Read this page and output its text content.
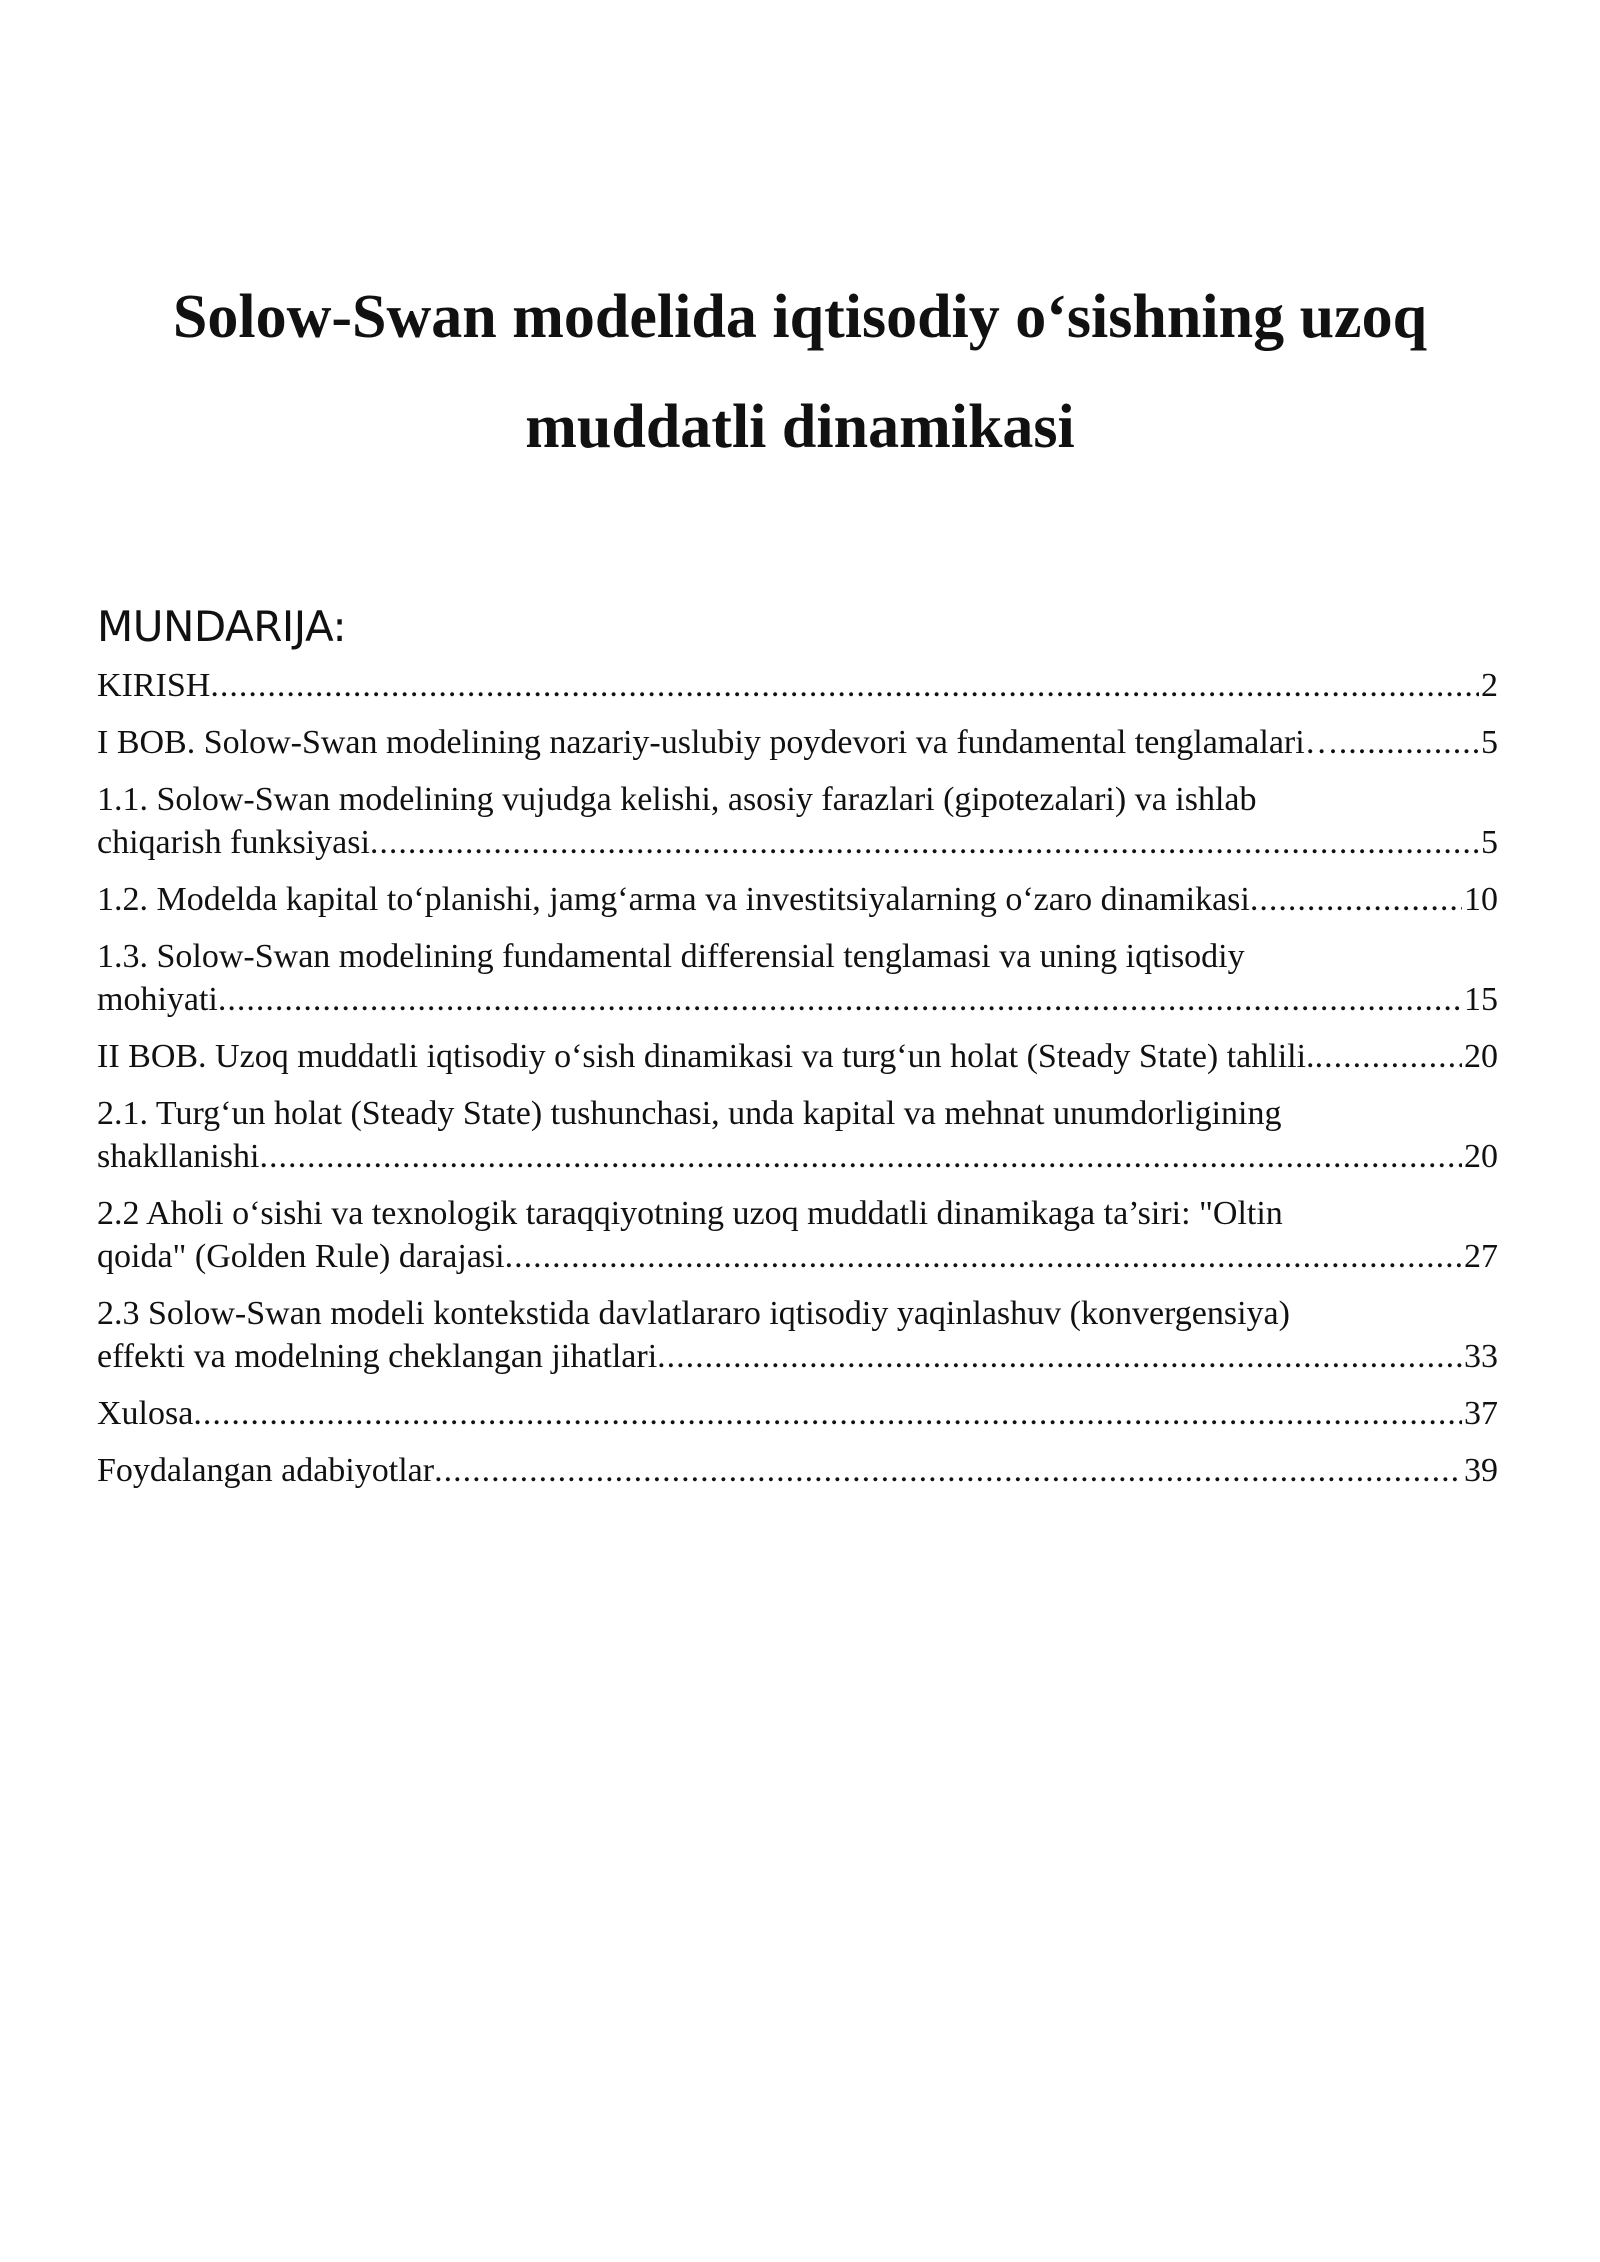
Solow-Swan modelida iqtisodiy o‘sishning uzoq muddatli dinamikasi
MUNDARIJA:
KIRISH .....	2
I BOB. Solow-Swan modelining nazariy-uslubiy poydevori va fundamental tenglamalari… .....	5
1.1. Solow-Swan modelining vujudga kelishi, asosiy farazlari (gipotezalari) va ishlab
chiqarish funksiyasi .....	5
1.2. Modelda kapital to‘planishi, jamg‘arma va investitsiyalarning o‘zaro dinamikasi .....	10
1.3. Solow-Swan modelining fundamental differensial tenglamasi va uning iqtisodiy
mohiyati .....	15
II BOB. Uzoq muddatli iqtisodiy o‘sish dinamikasi va turg‘un holat (Steady State) tahlili. .....	20
2.1. Turg‘un holat (Steady State) tushunchasi, unda kapital va mehnat unumdorligining
shakllanishi .....	20
2.2 Aholi o‘sishi va texnologik taraqqiyotning uzoq muddatli dinamikaga ta’siri: "Oltin
qoida" (Golden Rule) darajasi .....	27
2.3 Solow-Swan modeli kontekstida davlatlararo iqtisodiy yaqinlashuv (konvergensiya)
effekti va modelning cheklangan jihatlari .....	33
Xulosa .....	37
Foydalangan adabiyotlar .....	39
